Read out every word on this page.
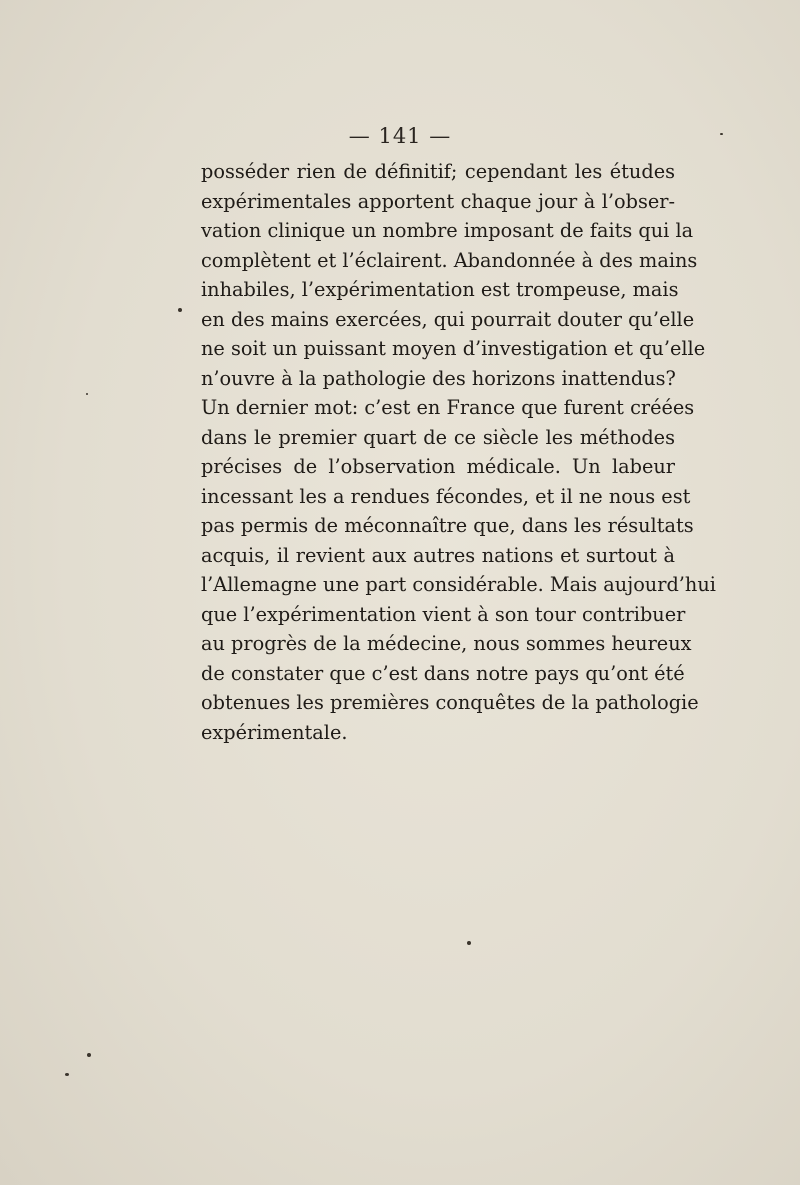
— 141 —
posséder rien de définitif; cependant les études
expérimentales apportent chaque jour à l’obser-
vation clinique un nombre imposant de faits qui la
complètent et l’éclairent. Abandonnée à des mains
inhabiles, l’expérimentation est trompeuse, mais
en des mains exercées, qui pourrait douter qu’elle
ne soit un puissant moyen d’investigation et qu’elle
n’ouvre à la pathologie des horizons inattendus?
Un dernier mot: c’est en France que furent créées
dans le premier quart de ce siècle les méthodes
précises de l’observation médicale. Un labeur
incessant les a rendues fécondes, et il ne nous est
pas permis de méconnaître que, dans les résultats
acquis, il revient aux autres nations et surtout à
l’Allemagne une part considérable. Mais aujourd’hui
que l’expérimentation vient à son tour contribuer
au progrès de la médecine, nous sommes heureux
de constater que c’est dans notre pays qu’ont été
obtenues les premières conquêtes de la pathologie
expérimentale.
